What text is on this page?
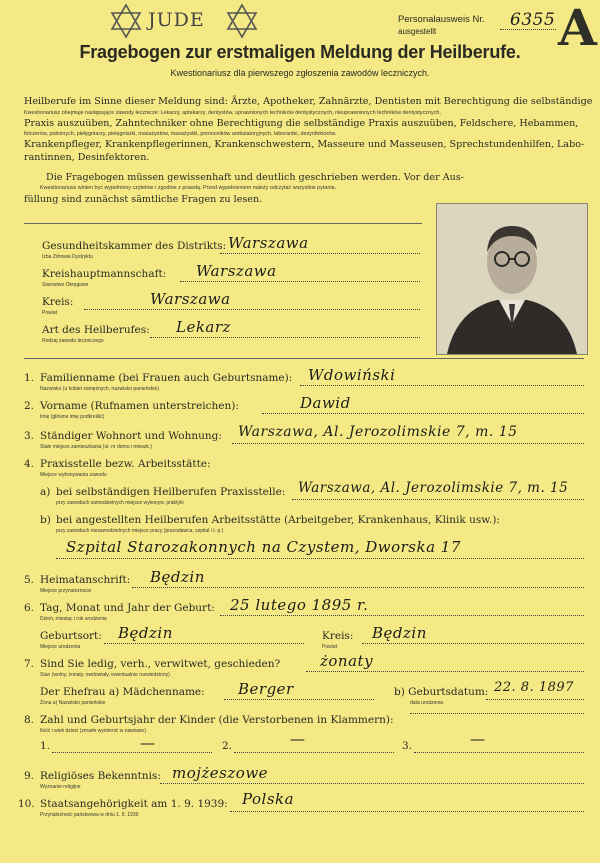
JUDE	Personalausweis Nr.
ausgestellt
6355 A
Fragebogen zur erstmaligen Meldung der Heilberufe.
Kwestionariusz dla pierwszego zgłoszenia zawodów leczniczych.
Heilberufe im Sinne dieser Meldung sind: Ärzte, Apotheker, Zahnärzte, Dentisten mit Berechtigung die selbständige
Kwestionariusz obejmuje następujące zawody lecznicze: Lekarzy, aptekarzy, dentystów, uprawnionych techników dentystycznych, nieuprawnionych techników dentystycznych,
Praxis auszuüben, Zahntechniker ohne Berechtigung die selbständige Praxis auszuüben, Feldschere, Hebammen,
felczerów, położnych, pielęgniarzy, pielęgniarki, masażystów, masażystki, pomocników ambulatoryjnych, laborantki, dezynfektorów.
Krankenpfleger, Krankenpflegerinnen, Krankenschwestern, Masseure und Masseusen, Sprechstundenhilfen, Labo-
rantinnen, Desinfektoren.
Die Fragebogen müssen gewissenhaft und deutlich geschrieben werden. Vor der Aus-
Kwestionariusz winien być wypełniony czytelnie i zgodnie z prawdą. Przed wypełnieniem należy odczytać wszystkie pytania.
füllung sind zunächst sämtliche Fragen zu lesen.
Gesundheitskammer des Distrikts:
Izba Zdrowia Dystryktu
Warszawa
Kreishauptmannschaft:
Starostwo Okręgowe
Warszawa
Kreis:
Powiat
Warszawa
Art des Heilberufes:
Rodzaj zawodu leczniczego
Lekarz
1. Familienname (bei Frauen auch Geburtsname):
Nazwisko (u kobiet zamężnych, nazwisko panieńskie)
Wdowiński
2. Vorname (Rufnamen unterstreichen):
Imię (główne imię podkreślić)
Dawid
3. Ständiger Wohnort und Wohnung:
Stałe miejsce zamieszkania (ul. nr domu i mieszk.)
Warszawa, Al. Jerozolimskie 7, m. 15
4. Praxisstelle bezw. Arbeitsstätte:
Miejsce wykonywania zawodu
a) bei selbständigen Heilberufen Praxisstelle:
przy zawodach samodzielnych miejsce wykonyw. praktyki
Warszawa, Al. Jerozolimskie 7, m. 15
b) bei angestellten Heilberufen Arbeitsstätte (Arbeitgeber, Krankenhaus, Klinik usw.):
przy zawodach niesamodzielnych miejsce pracy (pracodawca, szpital i t. p.)
Szpital Starozakonnych na Czystem, Dworska 17
5. Heimatanschrift:
Miejsce przynależności
Będzin
6. Tag, Monat und Jahr der Geburt:
Dzień, miesiąc i rok urodzenia
25 lutego 1895 r.
Geburtsort:
Miejsce urodzenia
Będzin	Kreis:
Powiat
Będzin
7. Sind Sie ledig, verh., verwitwet, geschieden?
Stan (wolny, żonaty, owdowiały, ewentualnie rozwiedziony)
żonaty
Der Ehefrau a) Mädchenname:
Żona a) Nazwisko panieńskie
Berger	b) Geburtsdatum:
data urodzenia
22. 8. 1897
8. Zahl und Geburtsjahr der Kinder (die Verstorbenen in Klammern):
Ilość i wiek dzieci (zmarłe wymienić w nawiasie)
1.	—	2.	—	3.	—
9. Religiöses Bekenntnis:
Wyznanie religijne
mojżeszowe
10. Staatsangehörigkeit am 1. 9. 1939:
Przynależność państwowa w dniu 1. 9. 1939
Polska
